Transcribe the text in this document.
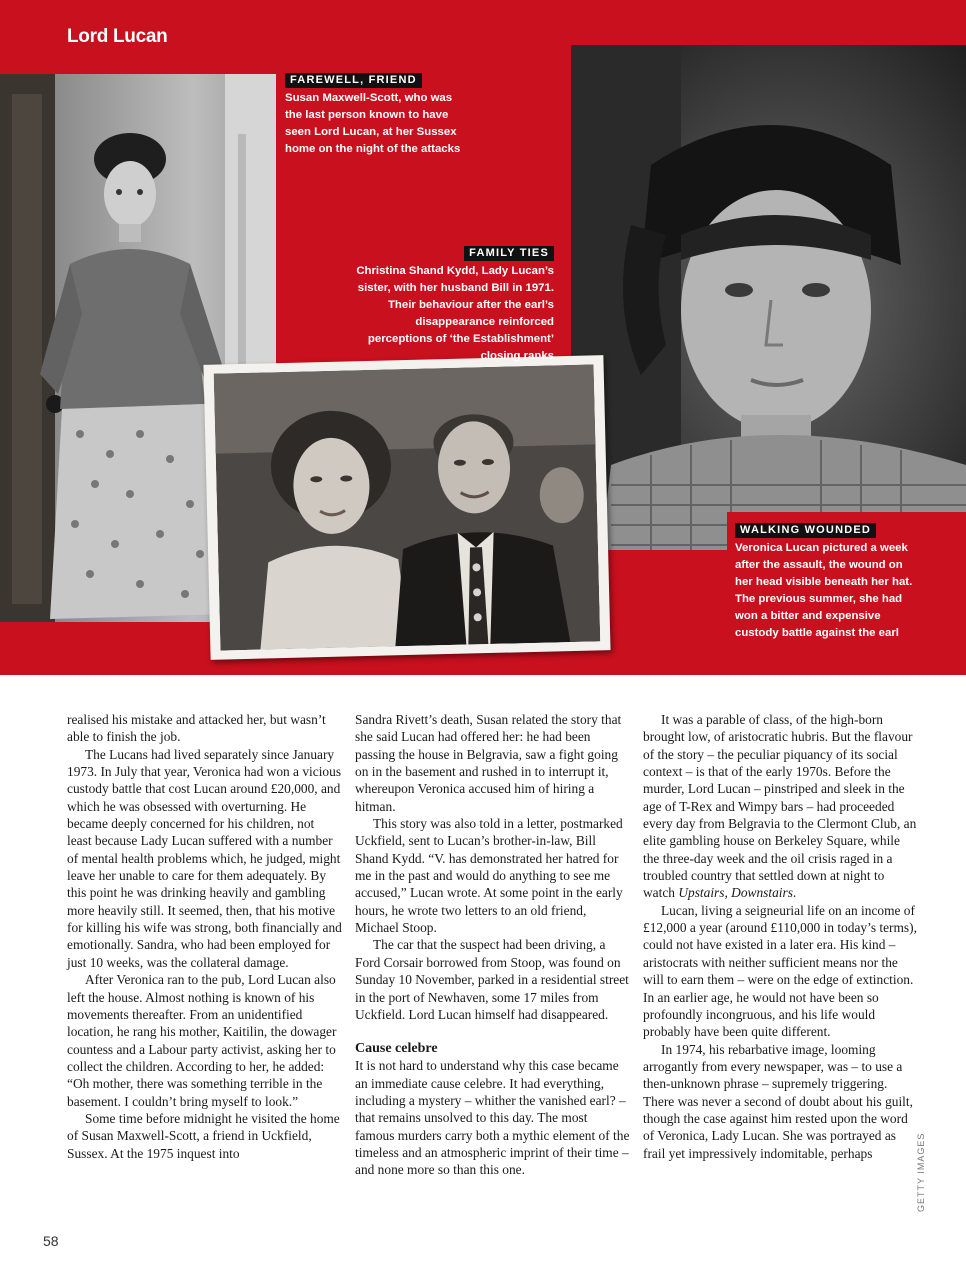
Lord Lucan
FAREWELL, FRIEND
Susan Maxwell-Scott, who was the last person known to have seen Lord Lucan, at her Sussex home on the night of the attacks
FAMILY TIES
Christina Shand Kydd, Lady Lucan’s sister, with her husband Bill in 1971. Their behaviour after the earl’s disappearance reinforced perceptions of ‘the Establishment’ closing ranks
WALKING WOUNDED
Veronica Lucan pictured a week after the assault, the wound on her head visible beneath her hat. The previous summer, she had won a bitter and expensive custody battle against the earl

realised his mistake and attacked her, but wasn’t able to finish the job.

The Lucans had lived separately since January 1973. In July that year, Veronica had won a vicious custody battle that cost Lucan around £20,000, and which he was obsessed with overturning. He became deeply concerned for his children, not least because Lady Lucan suffered with a number of mental health problems which, he judged, might leave her unable to care for them adequately. By this point he was drinking heavily and gambling more heavily still. It seemed, then, that his motive for killing his wife was strong, both financially and emotionally. Sandra, who had been employed for just 10 weeks, was the collateral damage.

After Veronica ran to the pub, Lord Lucan also left the house. Almost nothing is known of his movements thereafter. From an unidentified location, he rang his mother, Kaitilin, the dowager countess and a Labour party activist, asking her to collect the children. According to her, he added: “Oh mother, there was something terrible in the basement. I couldn’t bring myself to look.”

Some time before midnight he visited the home of Susan Maxwell-Scott, a friend in Uckfield, Sussex. At the 1975 inquest into

Sandra Rivett’s death, Susan related the story that she said Lucan had offered her: he had been passing the house in Belgravia, saw a fight going on in the basement and rushed in to interrupt it, whereupon Veronica accused him of hiring a hitman.

This story was also told in a letter, postmarked Uckfield, sent to Lucan’s brother-in-law, Bill Shand Kydd. “V. has demonstrated her hatred for me in the past and would do anything to see me accused,” Lucan wrote. At some point in the early hours, he wrote two letters to an old friend, Michael Stoop.

The car that the suspect had been driving, a Ford Corsair borrowed from Stoop, was found on Sunday 10 November, parked in a residential street in the port of Newhaven, some 17 miles from Uckfield. Lord Lucan himself had disappeared.

Cause celebre

It is not hard to understand why this case became an immediate cause celebre. It had everything, including a mystery – whither the vanished earl? – that remains unsolved to this day. The most famous murders carry both a mythic element of the timeless and an atmospheric imprint of their time – and none more so than this one.

It was a parable of class, of the high-born brought low, of aristocratic hubris. But the flavour of the story – the peculiar piquancy of its social context – is that of the early 1970s. Before the murder, Lord Lucan – pinstriped and sleek in the age of T-Rex and Wimpy bars – had proceeded every day from Belgravia to the Clermont Club, an elite gambling house on Berkeley Square, while the three-day week and the oil crisis raged in a troubled country that settled down at night to watch Upstairs, Downstairs.

Lucan, living a seigneurial life on an income of £12,000 a year (around £110,000 in today’s terms), could not have existed in a later era. His kind – aristocrats with neither sufficient means nor the will to earn them – were on the edge of extinction. In an earlier age, he would not have been so profoundly incongruous, and his life would probably have been quite different.

In 1974, his rebarbative image, looming arrogantly from every newspaper, was – to use a then-unknown phrase – supremely triggering. There was never a second of doubt about his guilt, though the case against him rested upon the word of Veronica, Lady Lucan. She was portrayed as frail yet impressively indomitable, perhaps

58
GETTY IMAGES
